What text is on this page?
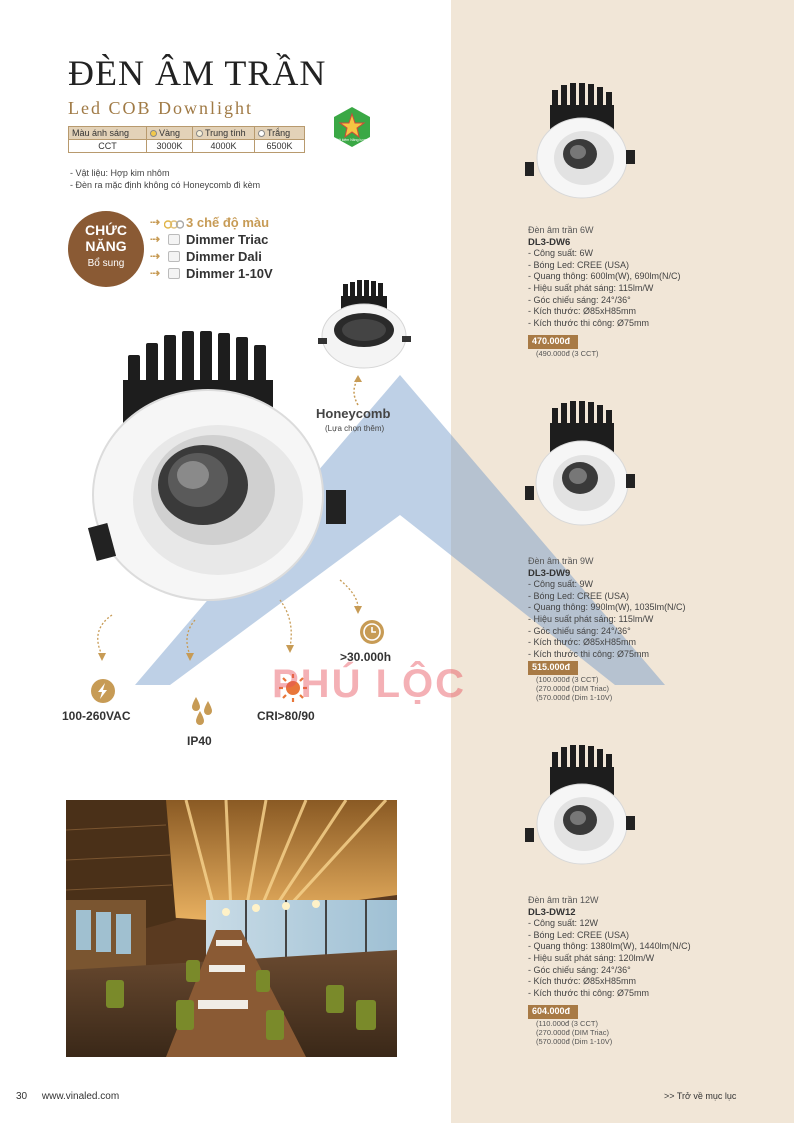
ĐÈN ÂM TRẦN
Led COB Downlight
Màu ánh sáng	Vàng	Trung tính	Trắng
CCT	3000K	4000K	6500K
Tiết kiệm Năng lượng
- Vật liệu: Hợp kim nhôm
- Đèn ra mặc định không có Honeycomb đi kèm
CHỨC
NĂNG
Bổ sung
⇢ 3 chế độ màu
⇢ Dimmer Triac
⇢ Dimmer Dali
⇢ Dimmer 1-10V
Honeycomb
(Lựa chọn thêm)
>30.000h
100-260VAC
IP40
CRI>80/90
PHÚ LỘC
Đèn âm trần 6W
DL3-DW6
- Công suất: 6W
- Bóng Led: CREE (USA)
- Quang thông: 600lm(W), 690lm(N/C)
- Hiệu suất phát sáng: 115lm/W
- Góc chiếu sáng: 24°/36°
- Kích thước: Ø85xH85mm
- Kích thước thi công: Ø75mm
470.000đ
(490.000đ (3 CCT)
Đèn âm trần 9W
DL3-DW9
- Công suất: 9W
- Bóng Led: CREE (USA)
- Quang thông: 990lm(W), 1035lm(N/C)
- Hiệu suất phát sáng: 115lm/W
- Góc chiếu sáng: 24°/36°
- Kích thước: Ø85xH85mm
- Kích thước thi công: Ø75mm
515.000đ
(100.000đ (3 CCT)
(270.000đ (DIM Triac)
(570.000đ (Dim 1-10V)
Đèn âm trần 12W
DL3-DW12
- Công suất: 12W
- Bóng Led: CREE (USA)
- Quang thông: 1380lm(W), 1440lm(N/C)
- Hiệu suất phát sáng: 120lm/W
- Góc chiếu sáng: 24°/36°
- Kích thước: Ø85xH85mm
- Kích thước thi công: Ø75mm
604.000đ
(110.000đ (3 CCT)
(270.000đ (DIM Triac)
(570.000đ (Dim 1-10V)
30 www.vinaled.com	>> Trở về mục lục
